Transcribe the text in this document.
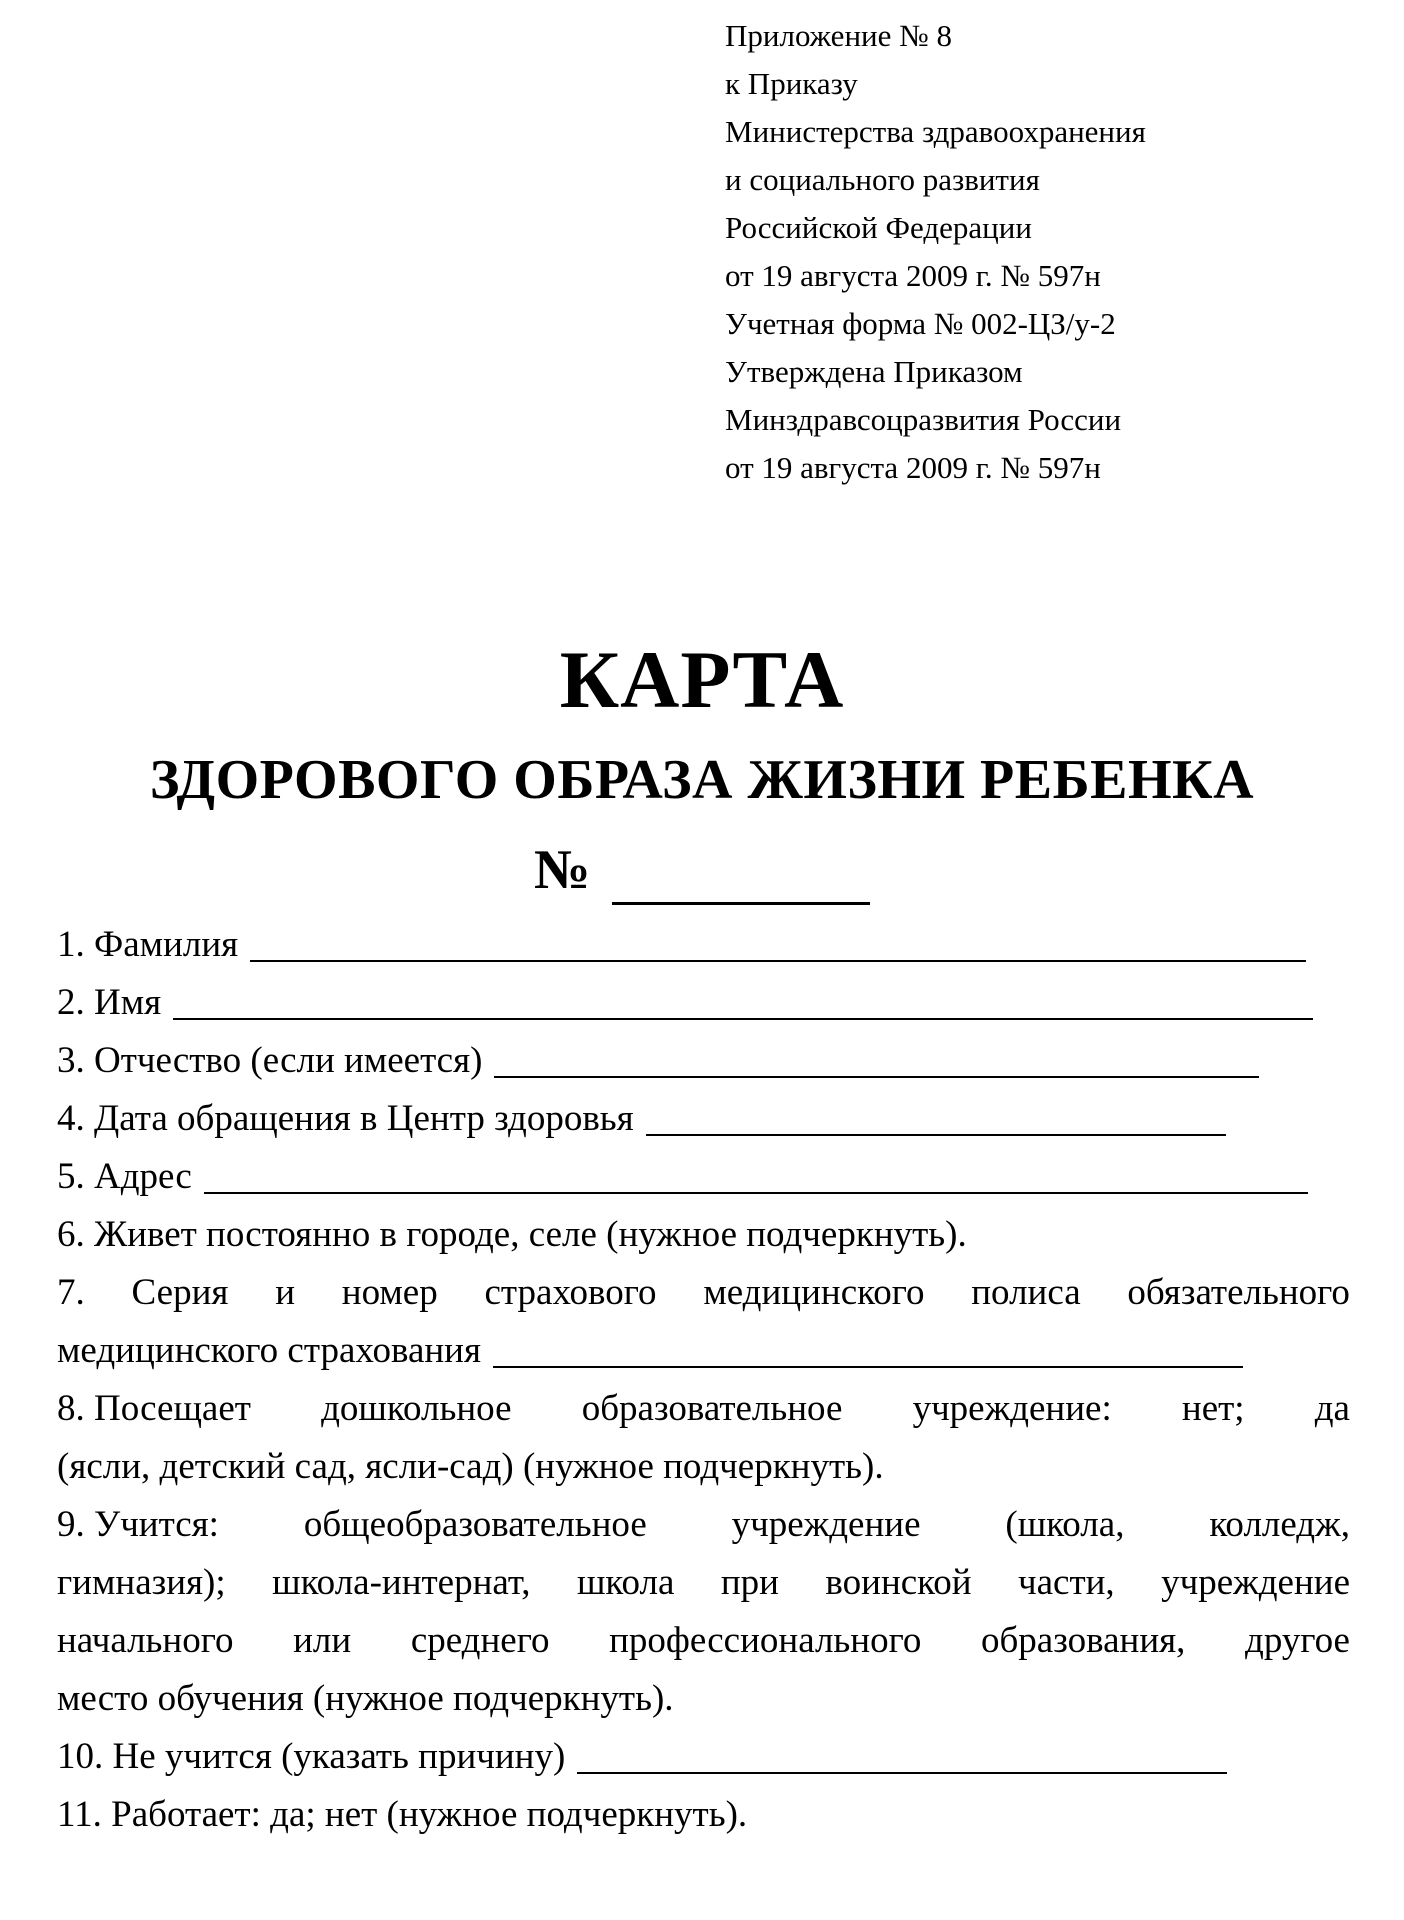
Приложение № 8
к Приказу
Министерства здравоохранения
и социального развития
Российской Федерации
от 19 августа 2009 г. № 597н
Учетная форма № 002-ЦЗ/у-2
Утверждена Приказом
Минздравсоцразвития России
от 19 августа 2009 г. № 597н
КАРТА
ЗДОРОВОГО ОБРАЗА ЖИЗНИ РЕБЕНКА
№
1. Фамилия
2. Имя
3. Отчество (если имеется)
4. Дата обращения в Центр здоровья
5. Адрес
6. Живет постоянно в городе, селе (нужное подчеркнуть).
7. Серия и номер страхового медицинского полиса обязательного
медицинского страхования
8. Посещает дошкольное образовательное учреждение: нет; да
(ясли, детский сад, ясли-сад) (нужное подчеркнуть).
9. Учится: общеобразовательное учреждение (школа, колледж,
гимназия); школа-интернат, школа при воинской части, учреждение
начального или среднего профессионального образования, другое
место обучения (нужное подчеркнуть).
10. Не учится (указать причину)
11. Работает: да; нет (нужное подчеркнуть).
